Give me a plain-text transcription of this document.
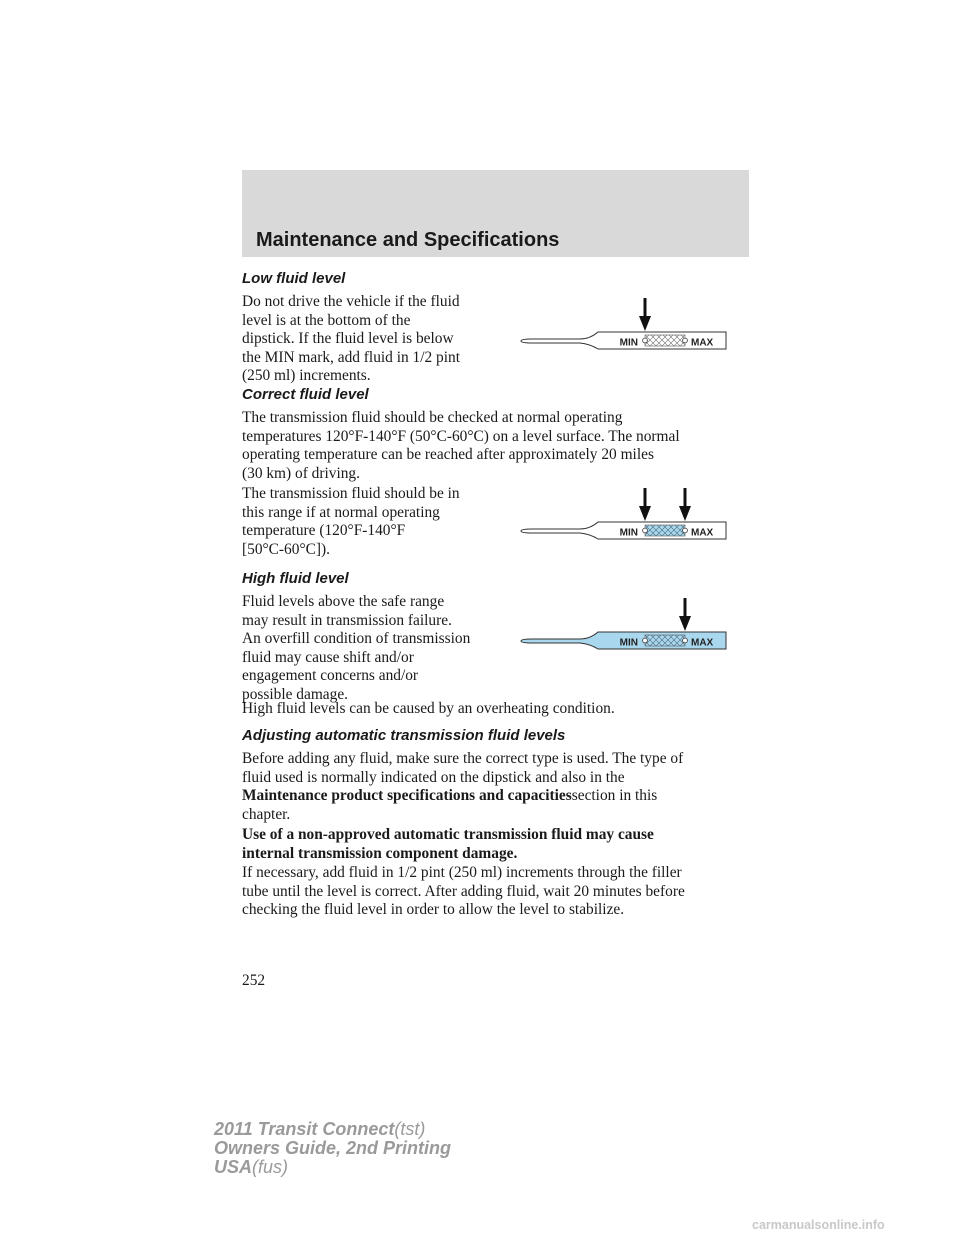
Maintenance and Specifications
Low fluid level
Do not drive the vehicle if the fluid
level is at the bottom of the
dipstick. If the fluid level is below
the MIN mark, add fluid in 1/2 pint
(250 ml) increments.
MIN	MAX
Correct fluid level
The transmission fluid should be checked at normal operating
temperatures 120°F-140°F (50°C-60°C) on a level surface. The normal
operating temperature can be reached after approximately 20 miles
(30 km) of driving.
The transmission fluid should be in
this range if at normal operating
temperature (120°F-140°F
[50°C-60°C]).
MIN	MAX
High fluid level
Fluid levels above the safe range
may result in transmission failure.
An overfill condition of transmission
fluid may cause shift and/or
engagement concerns and/or
possible damage.
MIN	MAX
High fluid levels can be caused by an overheating condition.
Adjusting automatic transmission fluid levels
Before adding any fluid, make sure the correct type is used. The type of
fluid used is normally indicated on the dipstick and also in the
Maintenance product specifications and capacitiessection in this
chapter.
Use of a non-approved automatic transmission fluid may cause
internal transmission component damage.
If necessary, add fluid in 1/2 pint (250 ml) increments through the filler
tube until the level is correct. After adding fluid, wait 20 minutes before
checking the fluid level in order to allow the level to stabilize.
252
2011 Transit Connect(tst)
Owners Guide, 2nd Printing
USA(fus)
carmanualsonline.info
